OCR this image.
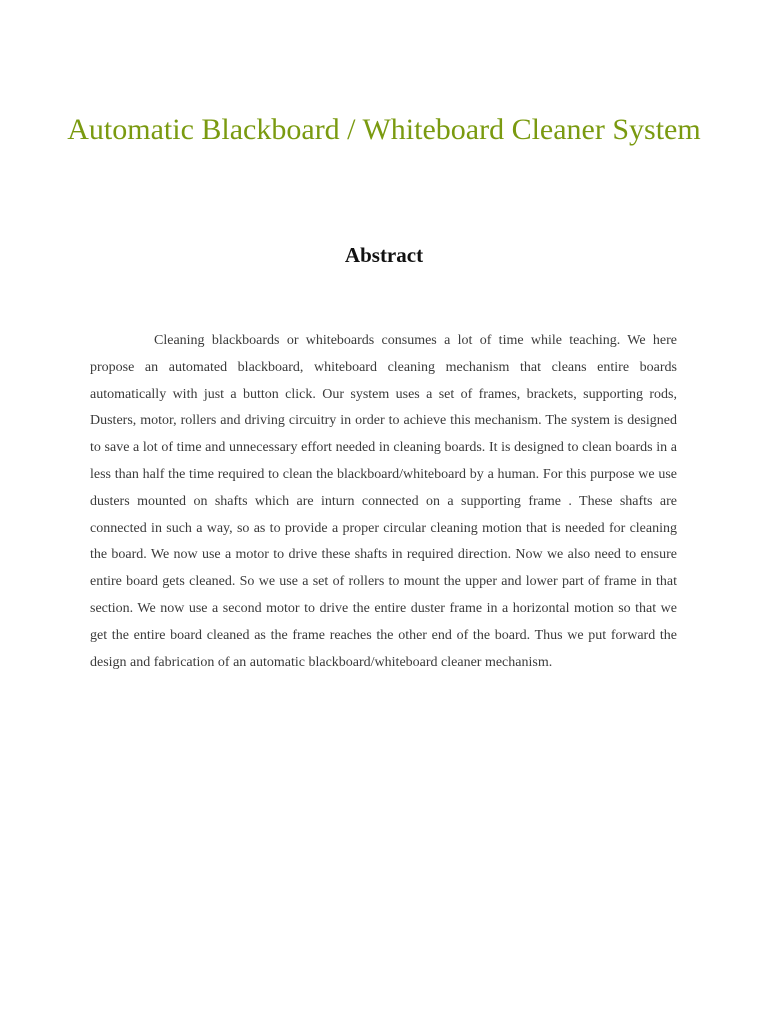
Automatic Blackboard / Whiteboard Cleaner System
Abstract

Cleaning blackboards or whiteboards consumes a lot of time while teaching. We here propose an automated blackboard, whiteboard cleaning mechanism that cleans entire boards automatically with just a button click. Our system uses a set of frames, brackets, supporting rods, Dusters, motor, rollers and driving circuitry in order to achieve this mechanism. The system is designed to save a lot of time and unnecessary effort needed in cleaning boards. It is designed to clean boards in a less than half the time required to clean the blackboard/whiteboard by a human. For this purpose we use dusters mounted on shafts which are inturn connected on a supporting frame . These shafts are connected in such a way, so as to provide a proper circular cleaning motion that is needed for cleaning the board. We now use a motor to drive these shafts in required direction. Now we also need to ensure entire board gets cleaned. So we use a set of rollers to mount the upper and lower part of frame in that section. We now use a second motor to drive the entire duster frame in a horizontal motion so that we get the entire board cleaned as the frame reaches the other end of the board. Thus we put forward the design and fabrication of an automatic blackboard/whiteboard cleaner mechanism.
